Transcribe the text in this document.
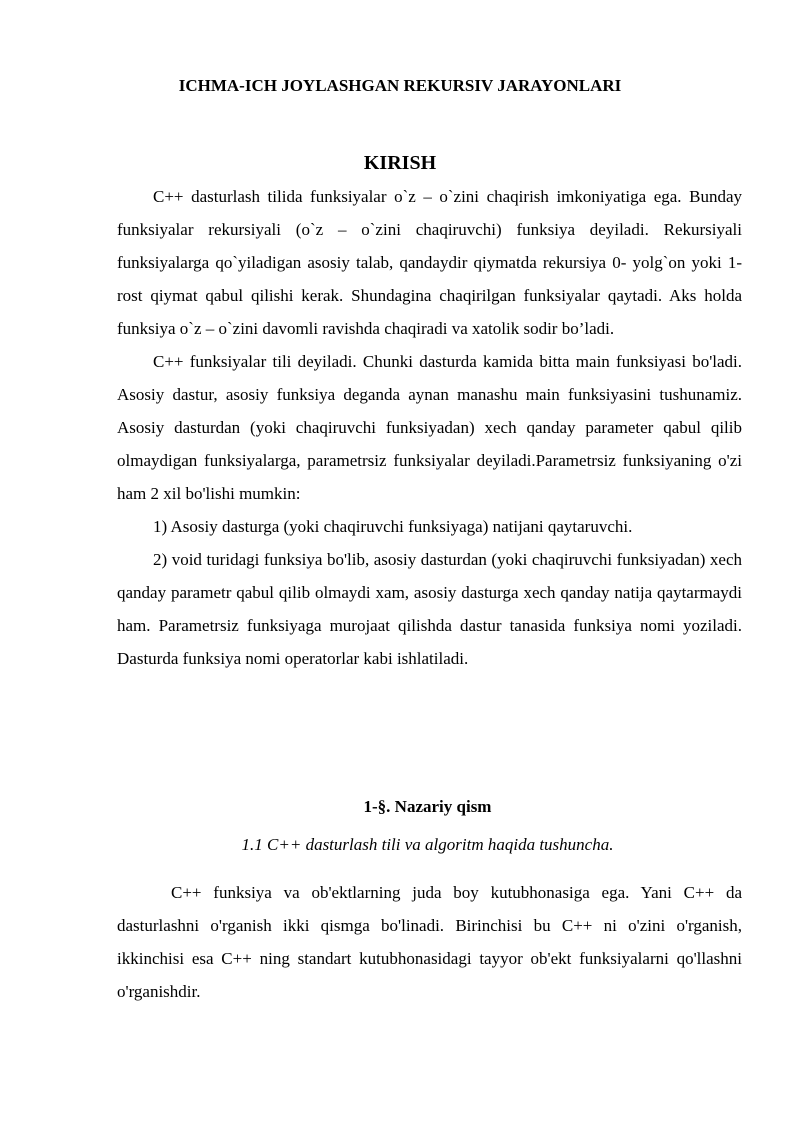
ICHMA-ICH JOYLASHGAN REKURSIV JARAYONLARI
KIRISH

C++ dasturlash tilida funksiyalar o`z – o`zini chaqirish imkoniyatiga ega. Bunday funksiyalar rekursiyali (o`z – o`zini chaqiruvchi) funksiya deyiladi. Rekursiyali funksiyalarga qo`yiladigan asosiy talab, qandaydir qiymatda rekursiya 0- yolg`on yoki 1-rost qiymat qabul qilishi kerak. Shundagina chaqirilgan funksiyalar qaytadi. Aks holda funksiya o`z – o`zini davomli ravishda chaqiradi va xatolik sodir bo’ladi.

C++ funksiyalar tili deyiladi. Chunki dasturda kamida bitta main funksiyasi bo'ladi. Asosiy dastur, asosiy funksiya deganda aynan manashu main funksiyasini tushunamiz. Asosiy dasturdan (yoki chaqiruvchi funksiyadan) xech qanday parameter qabul qilib olmaydigan funksiyalarga, parametrsiz funksiyalar deyiladi.Parametrsiz funksiyaning o'zi ham 2 xil bo'lishi mumkin:

1) Asosiy dasturga (yoki chaqiruvchi funksiyaga) natijani qaytaruvchi.

2) void turidagi funksiya bo'lib, asosiy dasturdan (yoki chaqiruvchi funksiyadan) xech qanday parametr qabul qilib olmaydi xam, asosiy dasturga xech qanday natija qaytarmaydi ham. Parametrsiz funksiyaga murojaat qilishda dastur tanasida funksiya nomi yoziladi. Dasturda funksiya nomi operatorlar kabi ishlatiladi.

1-§. Nazariy qism
1.1 C++ dasturlash tili va algoritm haqida tushuncha.

C++ funksiya va ob'ektlarning juda boy kutubhonasiga ega. Yani C++ da dasturlashni o'rganish ikki qismga bo'linadi. Birinchisi bu C++ ni o'zini o'rganish, ikkinchisi esa C++ ning standart kutubhonasidagi tayyor ob'ekt funksiyalarni qo'llashni o'rganishdir.
